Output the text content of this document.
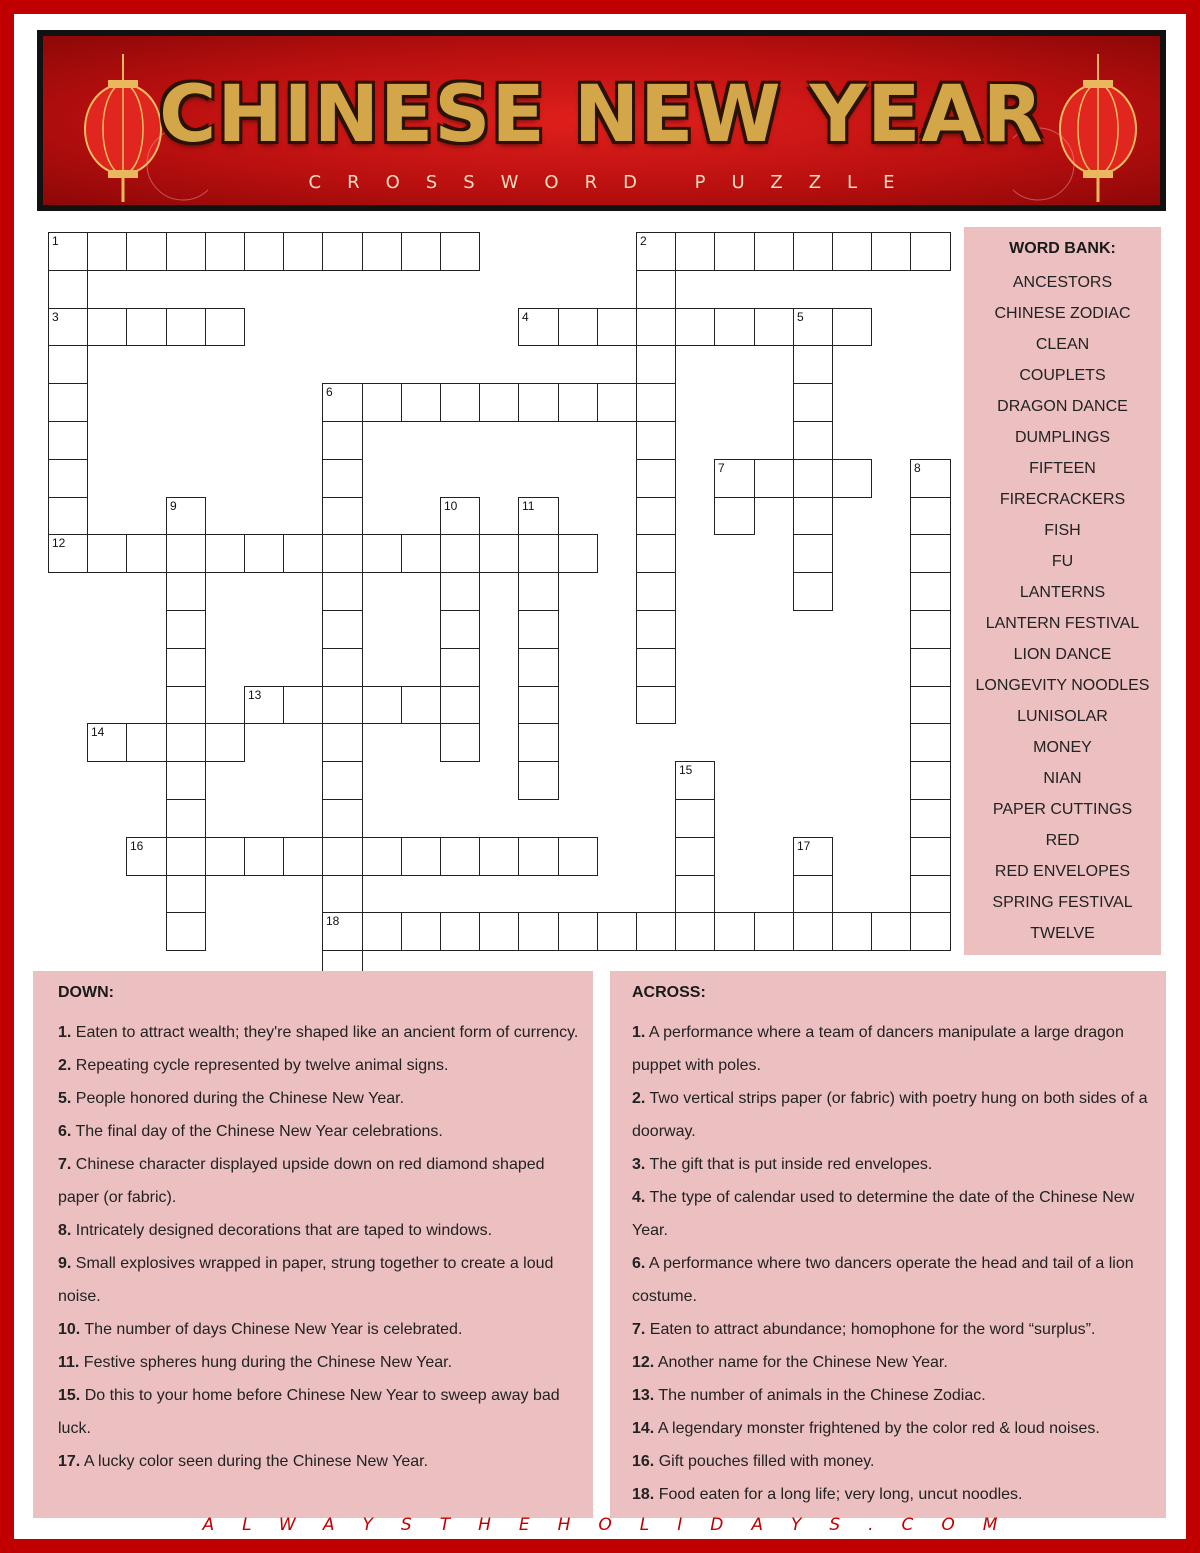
CHINESE NEW YEAR
CROSSWORD PUZZLE
1	2
3	4	5
6
7
12
13
14
16
18
8
9	10	11
15
17
WORD BANK:
ANCESTORS
CHINESE ZODIAC
CLEAN
COUPLETS
DRAGON DANCE
DUMPLINGS
FIFTEEN
FIRECRACKERS
FISH
FU
LANTERNS
LANTERN FESTIVAL
LION DANCE
LONGEVITY NOODLES
LUNISOLAR
MONEY
NIAN
PAPER CUTTINGS
RED
RED ENVELOPES
SPRING FESTIVAL
TWELVE
DOWN:
1. Eaten to attract wealth; they're shaped like an ancient form of currency.
2. Repeating cycle represented by twelve animal signs.
5. People honored during the Chinese New Year.
6. The final day of the Chinese New Year celebrations.
7. Chinese character displayed upside down on red diamond shaped paper (or fabric).
8. Intricately designed decorations that are taped to windows.
9. Small explosives wrapped in paper, strung together to create a loud noise.
10. The number of days Chinese New Year is celebrated.
11. Festive spheres hung during the Chinese New Year.
15. Do this to your home before Chinese New Year to sweep away bad luck.
17. A lucky color seen during the Chinese New Year.
ACROSS:
1. A performance where a team of dancers manipulate a large dragon puppet with poles.
2. Two vertical strips paper (or fabric) with poetry hung on both sides of a doorway.
3. The gift that is put inside red envelopes.
4. The type of calendar used to determine the date of the Chinese New Year.
6. A performance where two dancers operate the head and tail of a lion costume.
7. Eaten to attract abundance; homophone for the word “surplus”.
12. Another name for the Chinese New Year.
13. The number of animals in the Chinese Zodiac.
14. A legendary monster frightened by the color red & loud noises.
16. Gift pouches filled with money.
18. Food eaten for a long life; very long, uncut noodles.
ALWAYSTHEHOLIDAYS.COM
